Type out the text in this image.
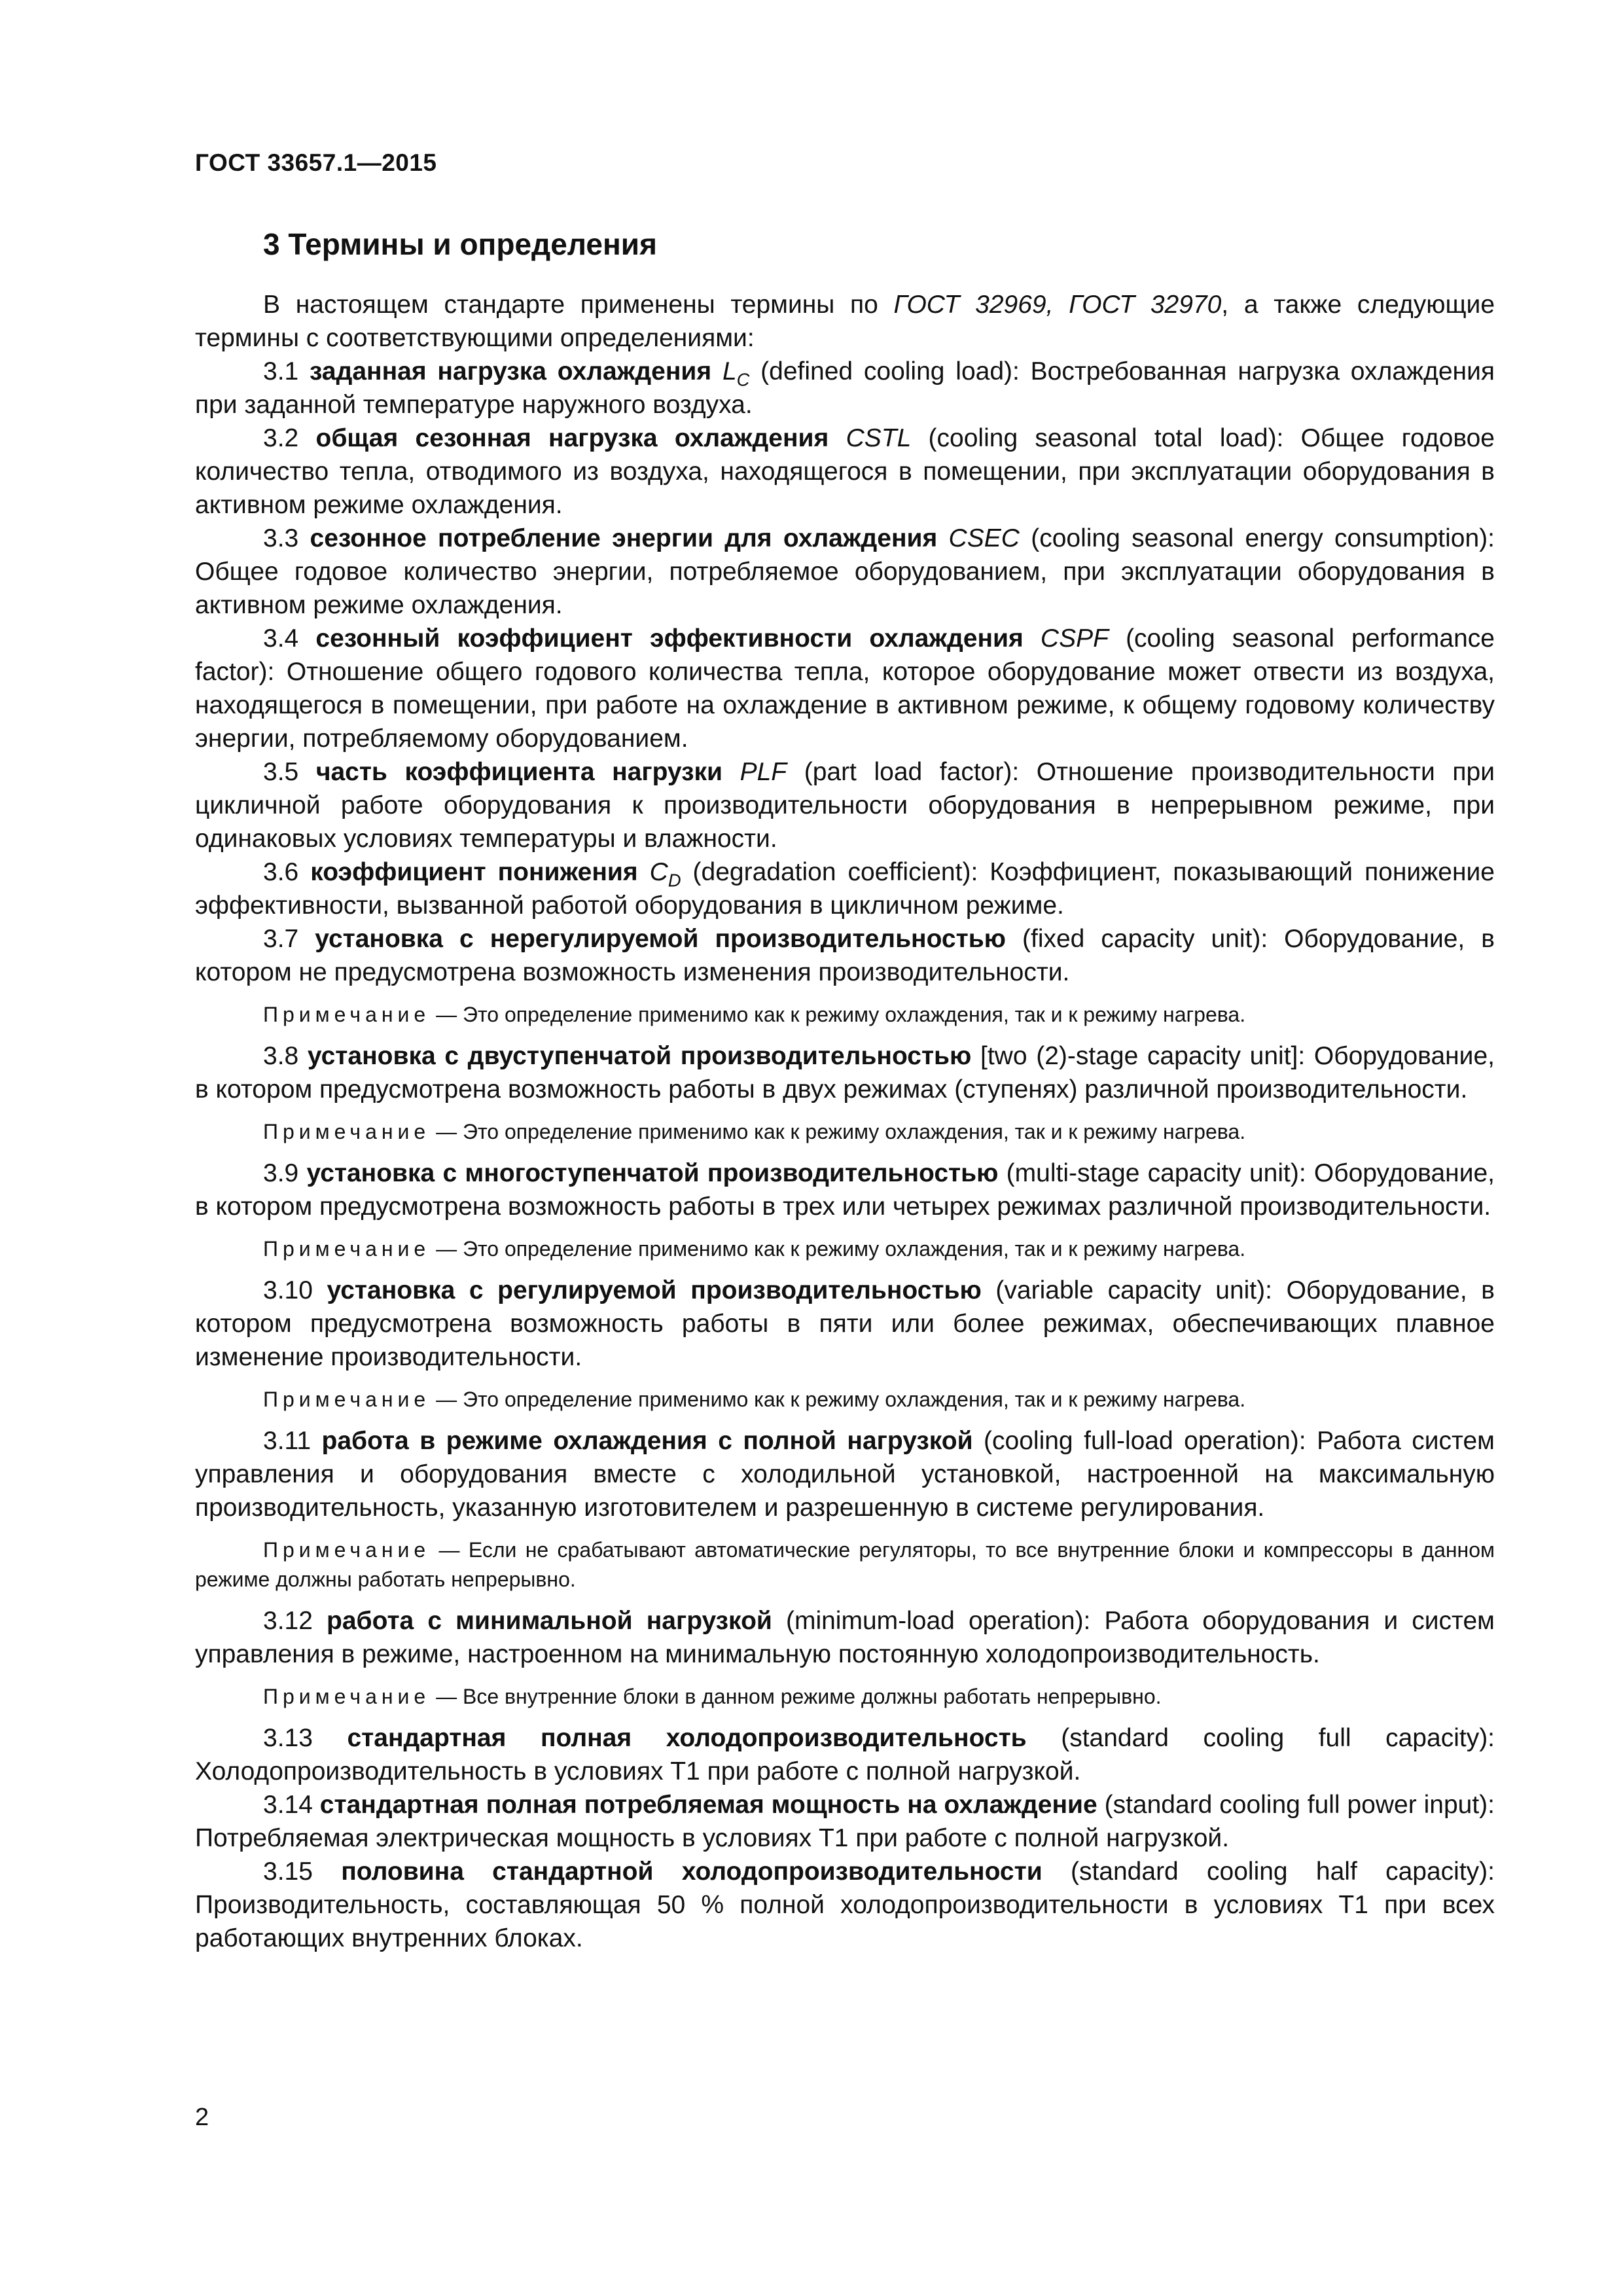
ГОСТ 33657.1—2015
3 Термины и определения

В настоящем стандарте применены термины по ГОСТ 32969, ГОСТ 32970, а также следующие термины с соответствующими определениями:

3.1 заданная нагрузка охлаждения $L_C$ (defined cooling load): Востребованная нагрузка охлаждения при заданной температуре наружного воздуха.

3.2 общая сезонная нагрузка охлаждения CSTL (cooling seasonal total load): Общее годовое количество тепла, отводимого из воздуха, находящегося в помещении, при эксплуатации оборудования в активном режиме охлаждения.

3.3 сезонное потребление энергии для охлаждения CSEC (cooling seasonal energy consumption): Общее годовое количество энергии, потребляемое оборудованием, при эксплуатации оборудования в активном режиме охлаждения.

3.4 сезонный коэффициент эффективности охлаждения CSPF (cooling seasonal performance factor): Отношение общего годового количества тепла, которое оборудование может отвести из воздуха, находящегося в помещении, при работе на охлаждение в активном режиме, к общему годовому количеству энергии, потребляемому оборудованием.

3.5 часть коэффициента нагрузки PLF (part load factor): Отношение производительности при цикличной работе оборудования к производительности оборудования в непрерывном режиме, при одинаковых условиях температуры и влажности.

3.6 коэффициент понижения $C_D$ (degradation coefficient): Коэффициент, показывающий понижение эффективности, вызванной работой оборудования в цикличном режиме.

3.7 установка с нерегулируемой производительностью (fixed capacity unit): Оборудование, в котором не предусмотрена возможность изменения производительности.

Примечание — Это определение применимо как к режиму охлаждения, так и к режиму нагрева.

3.8 установка с двуступенчатой производительностью [two (2)-stage capacity unit]: Оборудование, в котором предусмотрена возможность работы в двух режимах (ступенях) различной производительности.

Примечание — Это определение применимо как к режиму охлаждения, так и к режиму нагрева.

3.9 установка с многоступенчатой производительностью (multi-stage capacity unit): Оборудование, в котором предусмотрена возможность работы в трех или четырех режимах различной производительности.

Примечание — Это определение применимо как к режиму охлаждения, так и к режиму нагрева.

3.10 установка с регулируемой производительностью (variable capacity unit): Оборудование, в котором предусмотрена возможность работы в пяти или более режимах, обеспечивающих плавное изменение производительности.

Примечание — Это определение применимо как к режиму охлаждения, так и к режиму нагрева.

3.11 работа в режиме охлаждения с полной нагрузкой (cooling full-load operation): Работа систем управления и оборудования вместе с холодильной установкой, настроенной на максимальную производительность, указанную изготовителем и разрешенную в системе регулирования.

Примечание — Если не срабатывают автоматические регуляторы, то все внутренние блоки и компрессоры в данном режиме должны работать непрерывно.

3.12 работа с минимальной нагрузкой (minimum-load operation): Работа оборудования и систем управления в режиме, настроенном на минимальную постоянную холодопроизводительность.

Примечание — Все внутренние блоки в данном режиме должны работать непрерывно.

3.13 стандартная полная холодопроизводительность (standard cooling full capacity): Холодопроизводительность в условиях Т1 при работе с полной нагрузкой.

3.14 стандартная полная потребляемая мощность на охлаждение (standard cooling full power input): Потребляемая электрическая мощность в условиях Т1 при работе с полной нагрузкой.

3.15 половина стандартной холодопроизводительности (standard cooling half capacity): Производительность, составляющая 50 % полной холодопроизводительности в условиях Т1 при всех работающих внутренних блоках.

2
